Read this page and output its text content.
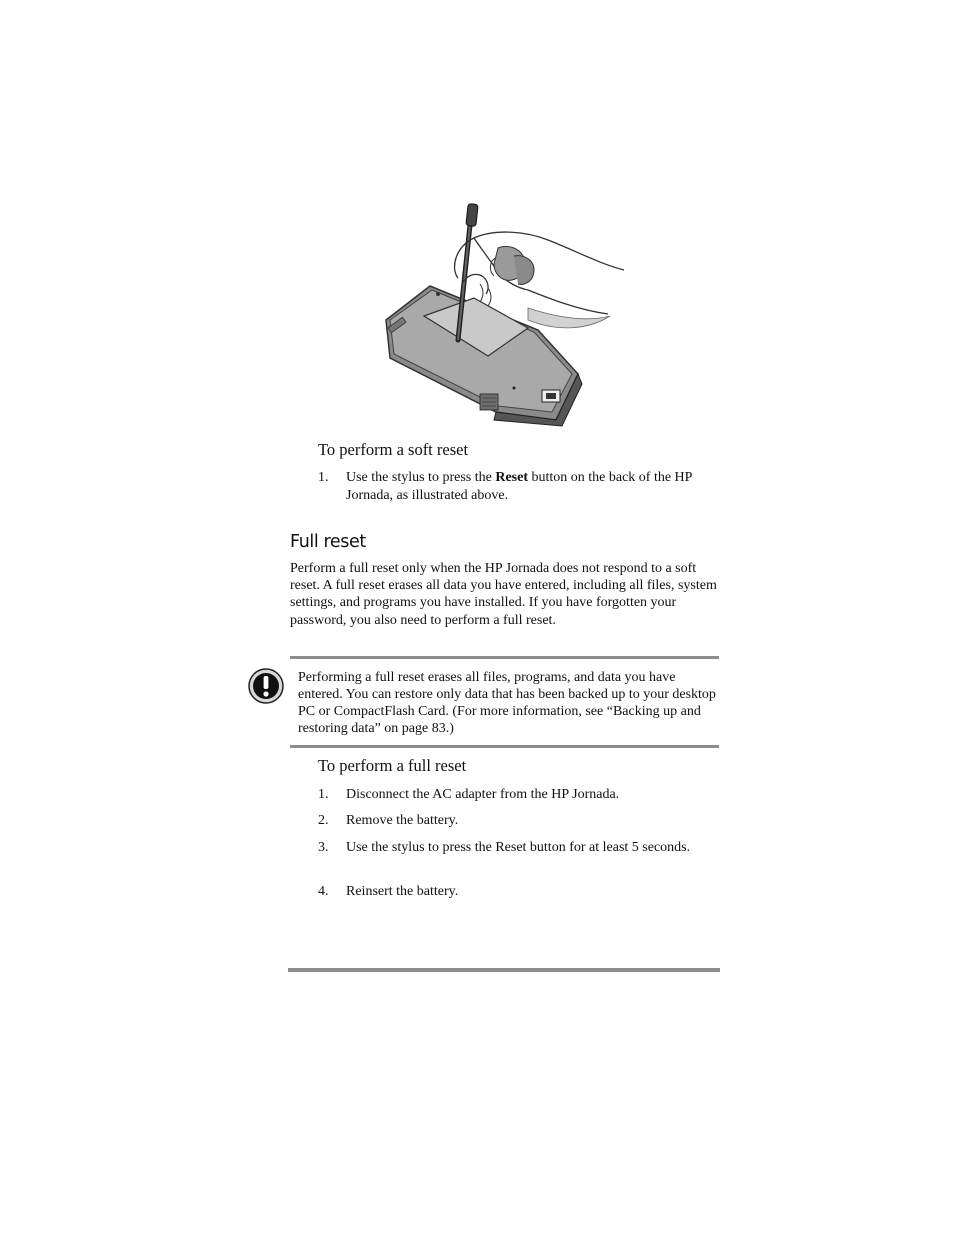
To perform a soft reset
1.	Use the stylus to press the Reset button on the back of the HP Jornada, as illustrated above.
Full reset
Perform a full reset only when the HP Jornada does not respond to a soft reset. A full reset erases all data you have entered, including all files, system settings, and programs you have installed. If you have forgotten your password, you also need to perform a full reset.
Performing a full reset erases all files, programs, and data you have entered. You can restore only data that has been backed up to your desktop PC or CompactFlash Card. (For more information, see “Backing up and restoring data” on page 83.)
To perform a full reset
1.	Disconnect the AC adapter from the HP Jornada.
2.	Remove the battery.
3.	Use the stylus to press the Reset button for at least 5 seconds.
4.	Reinsert the battery.
